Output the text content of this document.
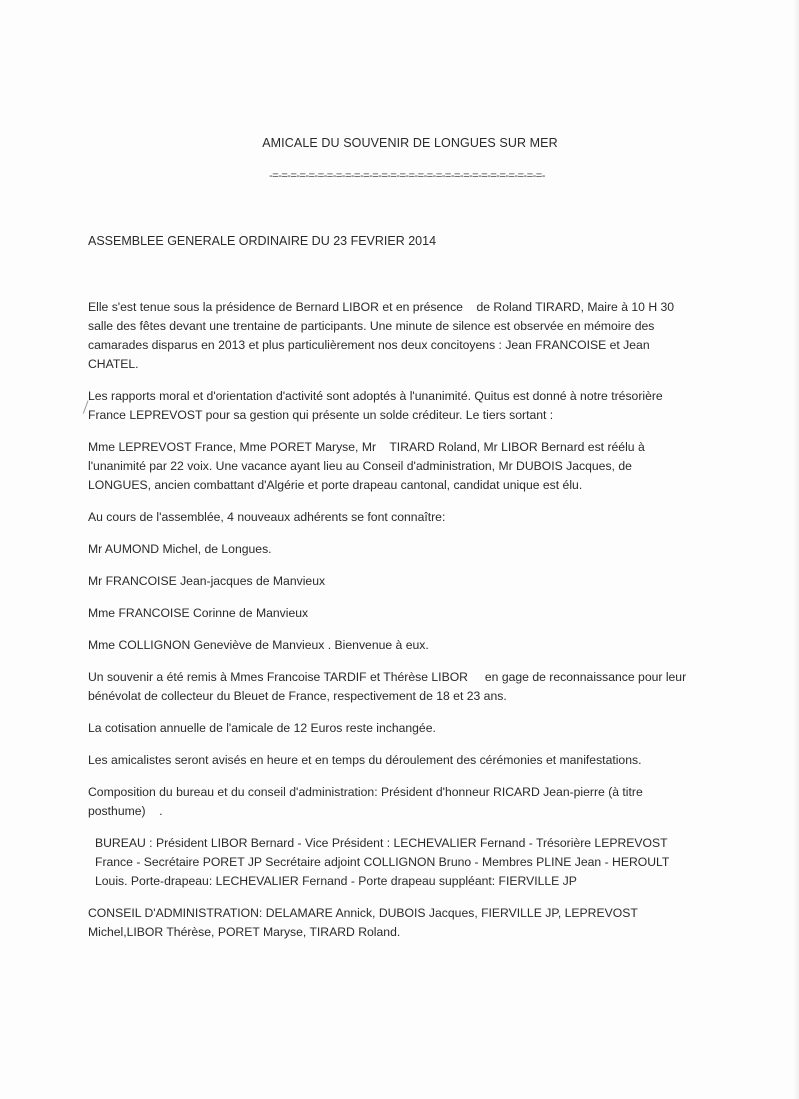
AMICALE DU SOUVENIR DE LONGUES SUR MER
-=-=-=-=-=-=-=-=-=-=-=-=-=-=-=-=-=-=-=-=-=-=-=-=-=-=-=-=-=-=-
ASSEMBLEE GENERALE ORDINAIRE DU 23 FEVRIER 2014

Elle s'est tenue sous la présidence de Bernard LIBOR et en présence    de Roland TIRARD, Maire à 10 H 30 salle des fêtes devant une trentaine de participants. Une minute de silence est observée en mémoire des camarades disparus en 2013 et plus particulièrement nos deux concitoyens : Jean FRANCOISE et Jean CHATEL.

Les rapports moral et d'orientation d'activité sont adoptés à l'unanimité. Quitus est donné à notre trésorière France LEPREVOST pour sa gestion qui présente un solde créditeur. Le tiers sortant :

Mme LEPREVOST France, Mme PORET Maryse, Mr    TIRARD Roland, Mr LIBOR Bernard est réélu à l'unanimité par 22 voix. Une vacance ayant lieu au Conseil d'administration, Mr DUBOIS Jacques, de LONGUES, ancien combattant d'Algérie et porte drapeau cantonal, candidat unique est élu.

Au cours de l'assemblée, 4 nouveaux adhérents se font connaître:

Mr AUMOND Michel, de Longues.

Mr FRANCOISE Jean-jacques de Manvieux

Mme FRANCOISE Corinne de Manvieux

Mme COLLIGNON Geneviève de Manvieux . Bienvenue à eux.

Un souvenir a été remis à Mmes Francoise TARDIF et Thérèse LIBOR     en gage de reconnaissance pour leur bénévolat de collecteur du Bleuet de France, respectivement de 18 et 23 ans.

La cotisation annuelle de l'amicale de 12 Euros reste inchangée.

Les amicalistes seront avisés en heure et en temps du déroulement des cérémonies et manifestations.

Composition du bureau et du conseil d'administration: Président d'honneur RICARD Jean-pierre (à titre posthume)    .

BUREAU : Président LIBOR Bernard - Vice Président : LECHEVALIER Fernand - Trésorière LEPREVOST France - Secrétaire PORET JP Secrétaire adjoint COLLIGNON Bruno - Membres PLINE Jean - HEROULT Louis. Porte-drapeau: LECHEVALIER Fernand - Porte drapeau suppléant: FIERVILLE JP

CONSEIL D'ADMINISTRATION: DELAMARE Annick, DUBOIS Jacques, FIERVILLE JP, LEPREVOST Michel,LIBOR Thérèse, PORET Maryse, TIRARD Roland.
